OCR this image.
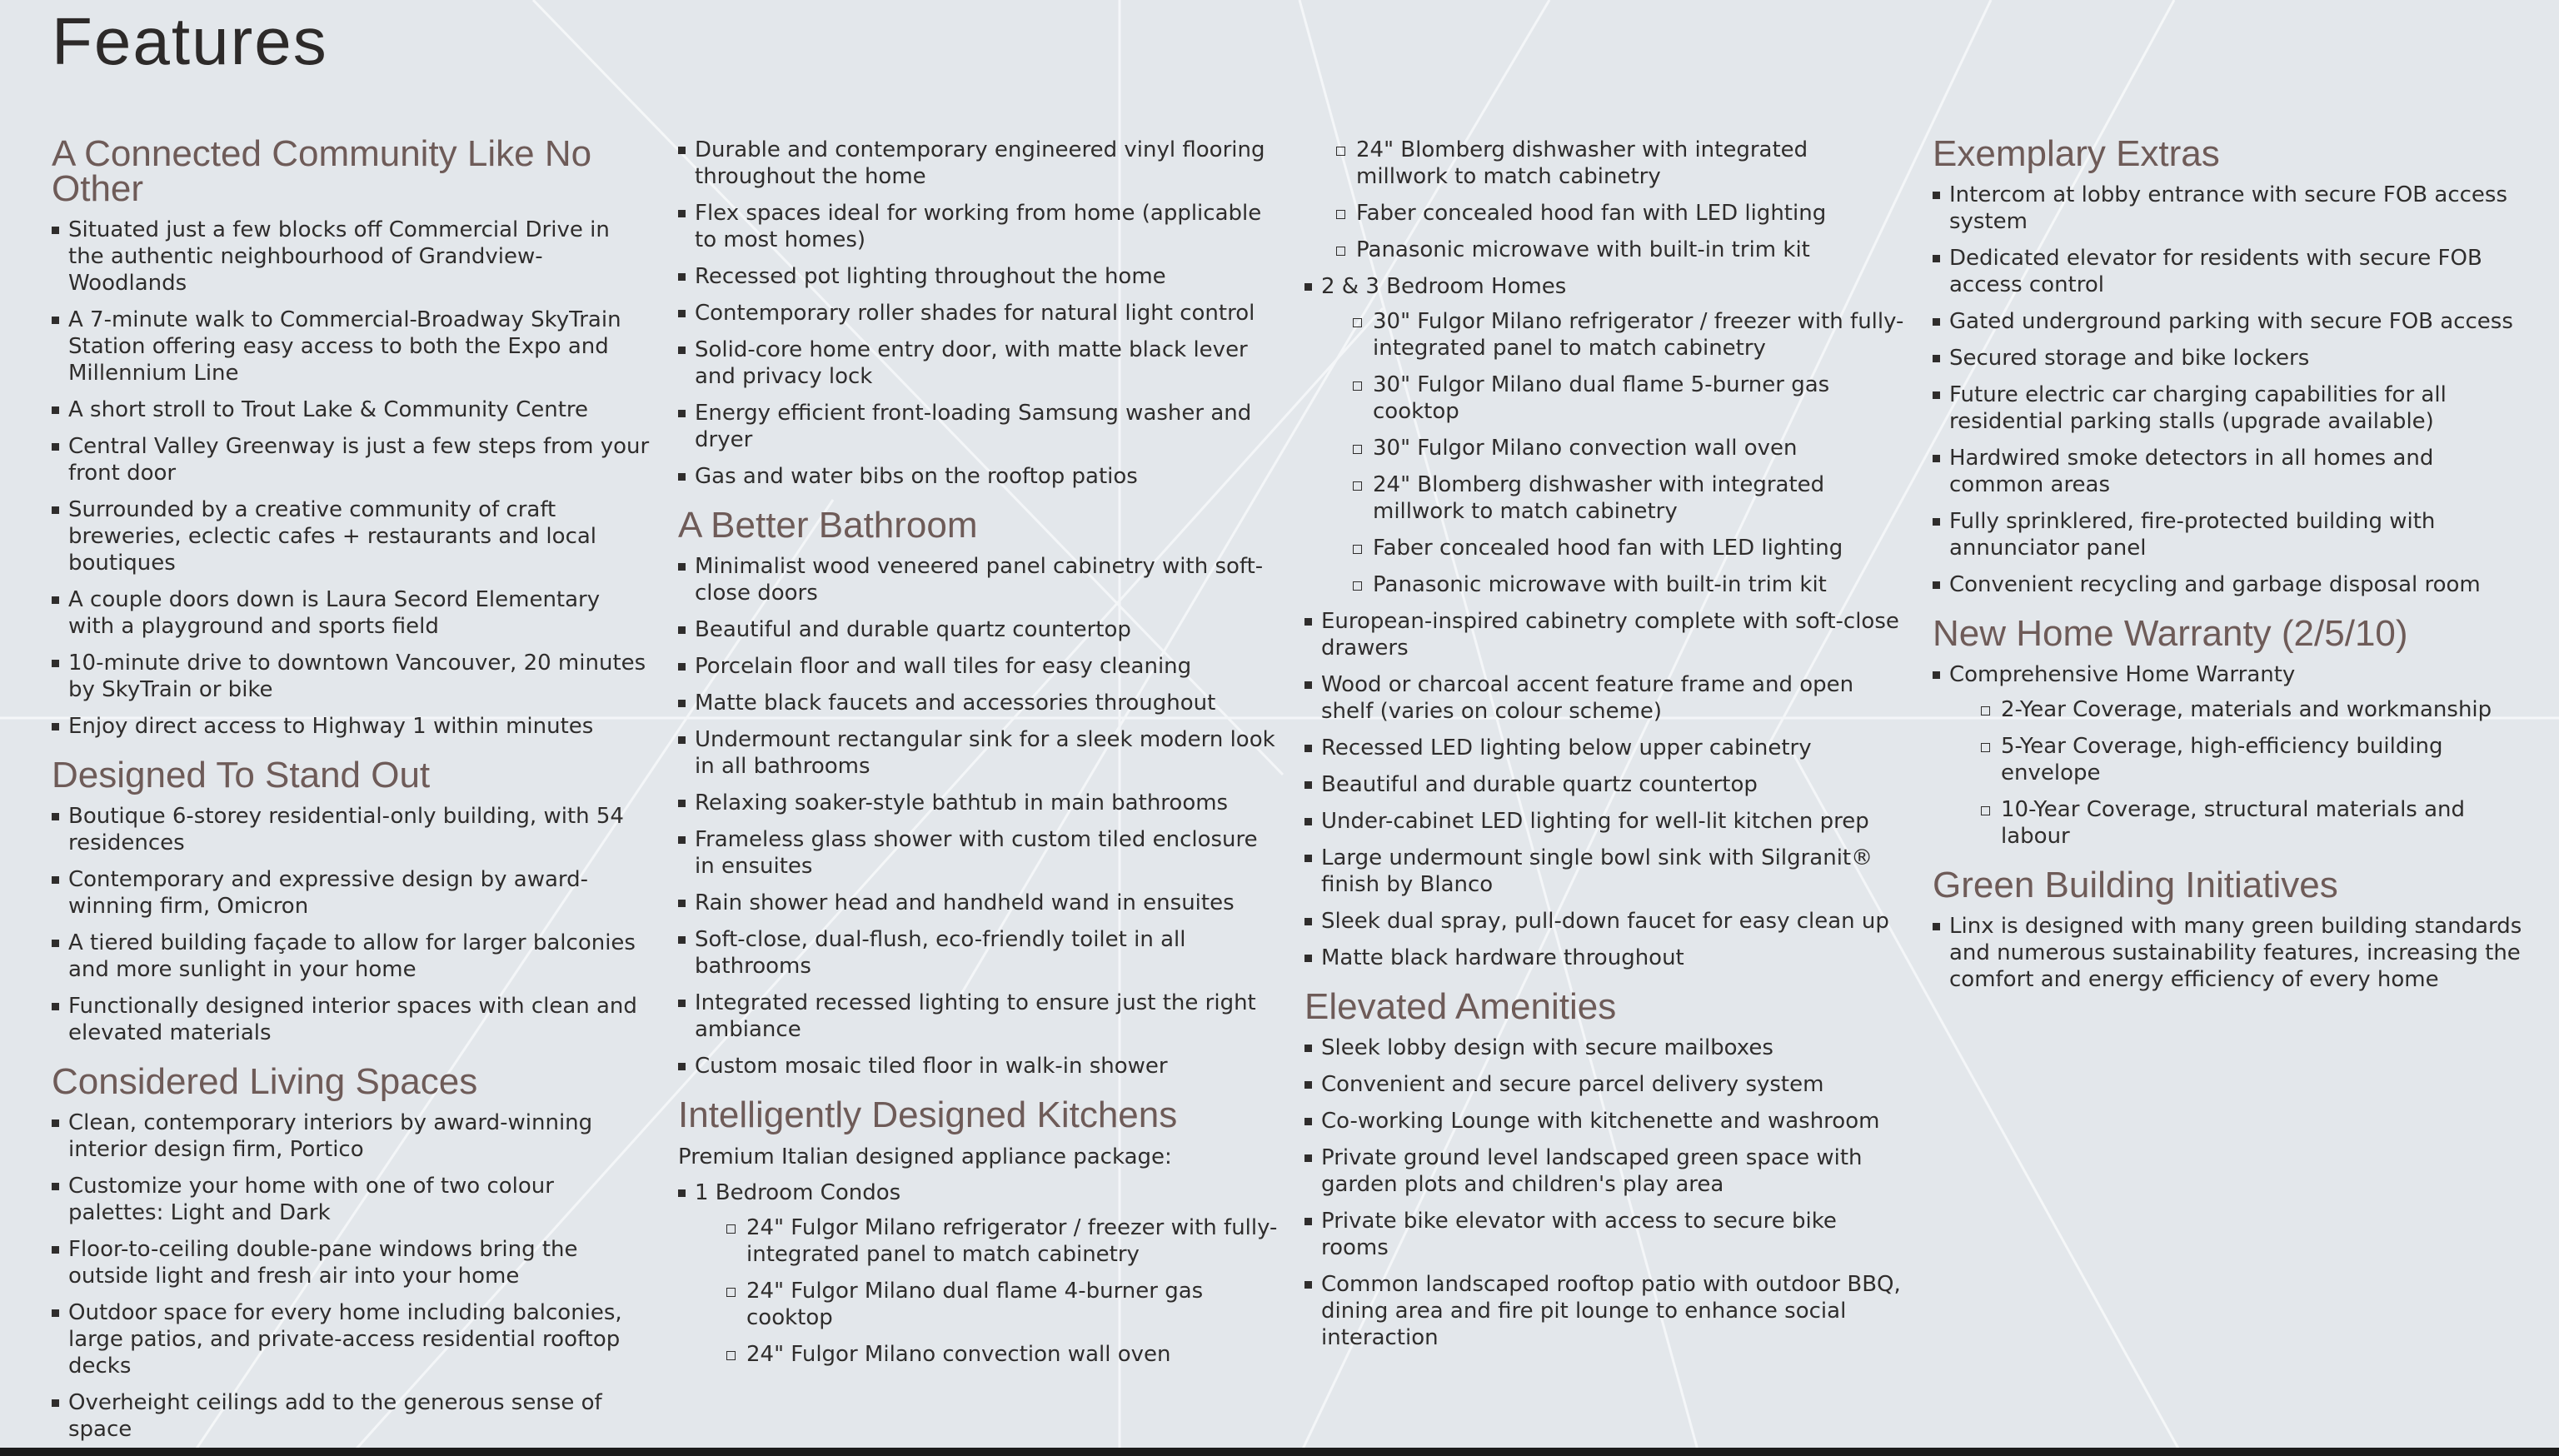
Features
A Connected Community Like No Other
Situated just a few blocks off Commercial Drive in the authentic neighbourhood of Grandview-Woodlands
A 7-minute walk to Commercial-Broadway SkyTrain Station offering easy access to both the Expo and Millennium Line
A short stroll to Trout Lake & Community Centre
Central Valley Greenway is just a few steps from your front door
Surrounded by a creative community of craft breweries, eclectic cafes + restaurants and local boutiques
A couple doors down is Laura Secord Elementary with a playground and sports field
10-minute drive to downtown Vancouver, 20 minutes by SkyTrain or bike
Enjoy direct access to Highway 1 within minutes
Designed To Stand Out
Boutique 6-storey residential-only building, with 54 residences
Contemporary and expressive design by award-winning firm, Omicron
A tiered building façade to allow for larger balconies and more sunlight in your home
Functionally designed interior spaces with clean and elevated materials
Considered Living Spaces
Clean, contemporary interiors by award-winning interior design firm, Portico
Customize your home with one of two colour palettes: Light and Dark
Floor-to-ceiling double-pane windows bring the outside light and fresh air into your home
Outdoor space for every home including balconies, large patios, and private-access residential rooftop decks
Overheight ceilings add to the generous sense of space
Durable and contemporary engineered vinyl flooring throughout the home
Flex spaces ideal for working from home (applicable to most homes)
Recessed pot lighting throughout the home
Contemporary roller shades for natural light control
Solid-core home entry door, with matte black lever and privacy lock
Energy efficient front-loading Samsung washer and dryer
Gas and water bibs on the rooftop patios
A Better Bathroom
Minimalist wood veneered panel cabinetry with soft-close doors
Beautiful and durable quartz countertop
Porcelain floor and wall tiles for easy cleaning
Matte black faucets and accessories throughout
Undermount rectangular sink for a sleek modern look in all bathrooms
Relaxing soaker-style bathtub in main bathrooms
Frameless glass shower with custom tiled enclosure in ensuites
Rain shower head and handheld wand in ensuites
Soft-close, dual-flush, eco-friendly toilet in all bathrooms
Integrated recessed lighting to ensure just the right ambiance
Custom mosaic tiled floor in walk-in shower
Intelligently Designed Kitchens

Premium Italian designed appliance package:

1 Bedroom Condos
24" Fulgor Milano refrigerator / freezer with fully-integrated panel to match cabinetry
24" Fulgor Milano dual flame 4-burner gas cooktop
24" Fulgor Milano convection wall oven
24" Blomberg dishwasher with integrated millwork to match cabinetry
Faber concealed hood fan with LED lighting
Panasonic microwave with built-in trim kit
2 & 3 Bedroom Homes
30" Fulgor Milano refrigerator / freezer with fully-integrated panel to match cabinetry
30" Fulgor Milano dual flame 5-burner gas cooktop
30" Fulgor Milano convection wall oven
24" Blomberg dishwasher with integrated millwork to match cabinetry
Faber concealed hood fan with LED lighting
Panasonic microwave with built-in trim kit
European-inspired cabinetry complete with soft-close drawers
Wood or charcoal accent feature frame and open shelf (varies on colour scheme)
Recessed LED lighting below upper cabinetry
Beautiful and durable quartz countertop
Under-cabinet LED lighting for well-lit kitchen prep
Large undermount single bowl sink with Silgranit® finish by Blanco
Sleek dual spray, pull-down faucet for easy clean up
Matte black hardware throughout
Elevated Amenities
Sleek lobby design with secure mailboxes
Convenient and secure parcel delivery system
Co-working Lounge with kitchenette and washroom
Private ground level landscaped green space with garden plots and children's play area
Private bike elevator with access to secure bike rooms
Common landscaped rooftop patio with outdoor BBQ, dining area and fire pit lounge to enhance social interaction
Exemplary Extras
Intercom at lobby entrance with secure FOB access system
Dedicated elevator for residents with secure FOB access control
Gated underground parking with secure FOB access
Secured storage and bike lockers
Future electric car charging capabilities for all residential parking stalls (upgrade available)
Hardwired smoke detectors in all homes and common areas
Fully sprinklered, fire-protected building with annunciator panel
Convenient recycling and garbage disposal room
New Home Warranty (2/5/10)
Comprehensive Home Warranty
2-Year Coverage, materials and workmanship
5-Year Coverage, high-efficiency building envelope
10-Year Coverage, structural materials and labour
Green Building Initiatives
Linx is designed with many green building standards and numerous sustainability features, increasing the comfort and energy efficiency of every home
